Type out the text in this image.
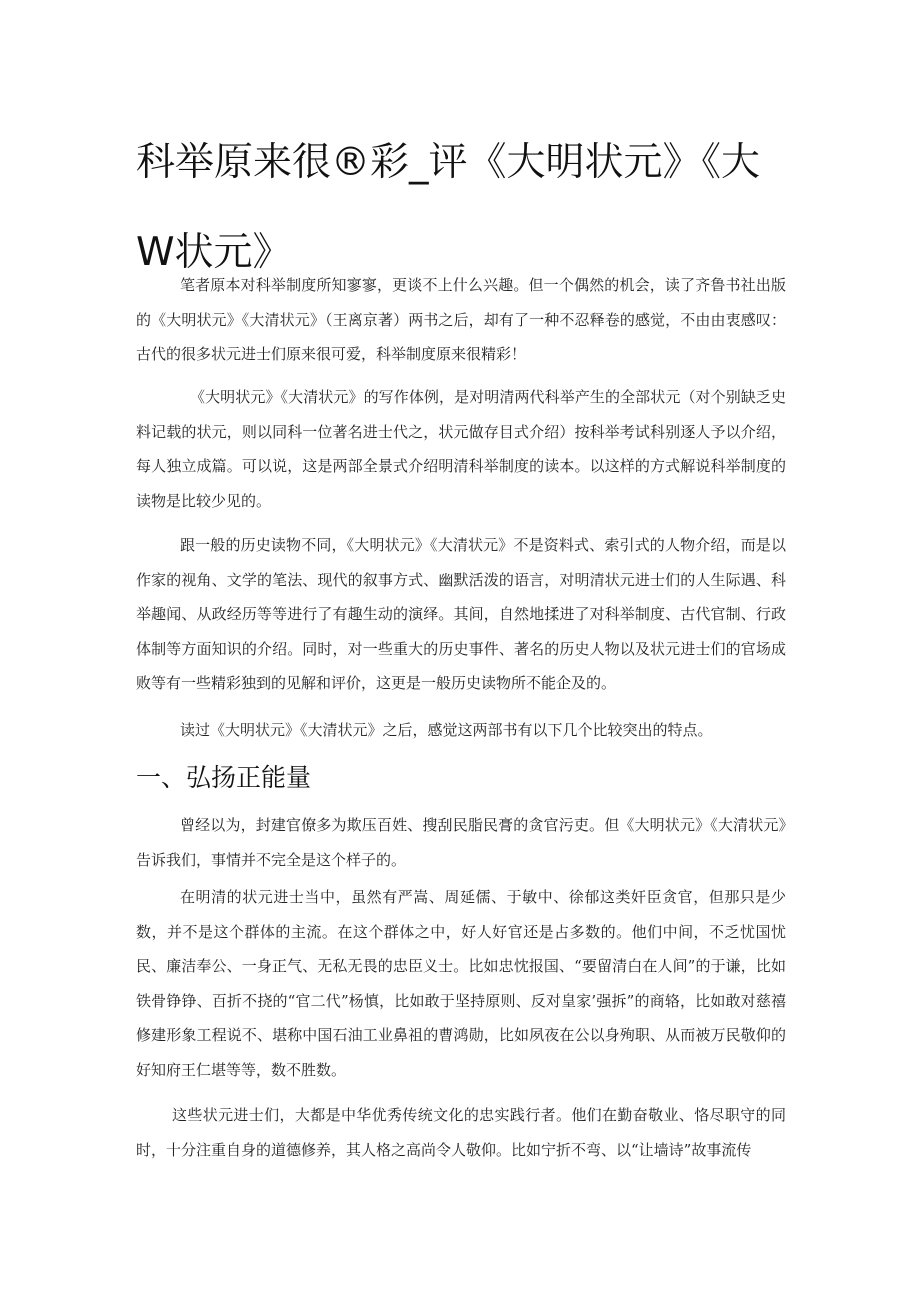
科举原来很®彩_评《大明状元》《大W状元》

笔者原本对科举制度所知寥寥，更谈不上什么兴趣。但一个偶然的机会，读了齐鲁书社出版的《大明状元》《大清状元》（王离京著）两书之后，却有了一种不忍释卷的感觉，不由由衷感叹：古代的很多状元进士们原来很可爱，科举制度原来很精彩！

《大明状元》《大清状元》的写作体例，是对明清两代科举产生的全部状元（对个别缺乏史料记载的状元，则以同科一位著名进士代之，状元做存目式介绍）按科举考试科别逐人予以介绍，每人独立成篇。可以说，这是两部全景式介绍明清科举制度的读本。以这样的方式解说科举制度的读物是比较少见的。

跟一般的历史读物不同，《大明状元》《大清状元》不是资料式、索引式的人物介绍，而是以作家的视角、文学的笔法、现代的叙事方式、幽默活泼的语言，对明清状元进士们的人生际遇、科举趣闻、从政经历等等进行了有趣生动的演绎。其间，自然地揉进了对科举制度、古代官制、行政体制等方面知识的介绍。同时，对一些重大的历史事件、著名的历史人物以及状元进士们的官场成败等有一些精彩独到的见解和评价，这更是一般历史读物所不能企及的。

读过《大明状元》《大清状元》之后，感觉这两部书有以下几个比较突出的特点。

一、弘扬正能量

曾经以为，封建官僚多为欺压百姓、搜刮民脂民膏的贪官污吏。但《大明状元》《大清状元》告诉我们，事情并不完全是这个样子的。

在明清的状元进士当中，虽然有严嵩、周延儒、于敏中、徐郁这类奸臣贪官，但那只是少数，并不是这个群体的主流。在这个群体之中，好人好官还是占多数的。他们中间，不乏忧国忧民、廉洁奉公、一身正气、无私无畏的忠臣义士。比如忠忱报国、“要留清白在人间”的于谦，比如铁骨铮铮、百折不挠的“官二代”杨慎，比如敢于坚持原则、反对皇家’强拆”的商辂，比如敢对慈禧修建形象工程说不、堪称中国石油工业鼻祖的曹鸿勋，比如夙夜在公以身殉职、从而被万民敬仰的好知府王仁堪等等，数不胜数。

这些状元进士们，大都是中华优秀传统文化的忠实践行者。他们在勤奋敬业、恪尽职守的同时，十分注重自身的道德修养，其人格之高尚令人敬仰。比如宁折不弯、以“让墙诗”故事流传
